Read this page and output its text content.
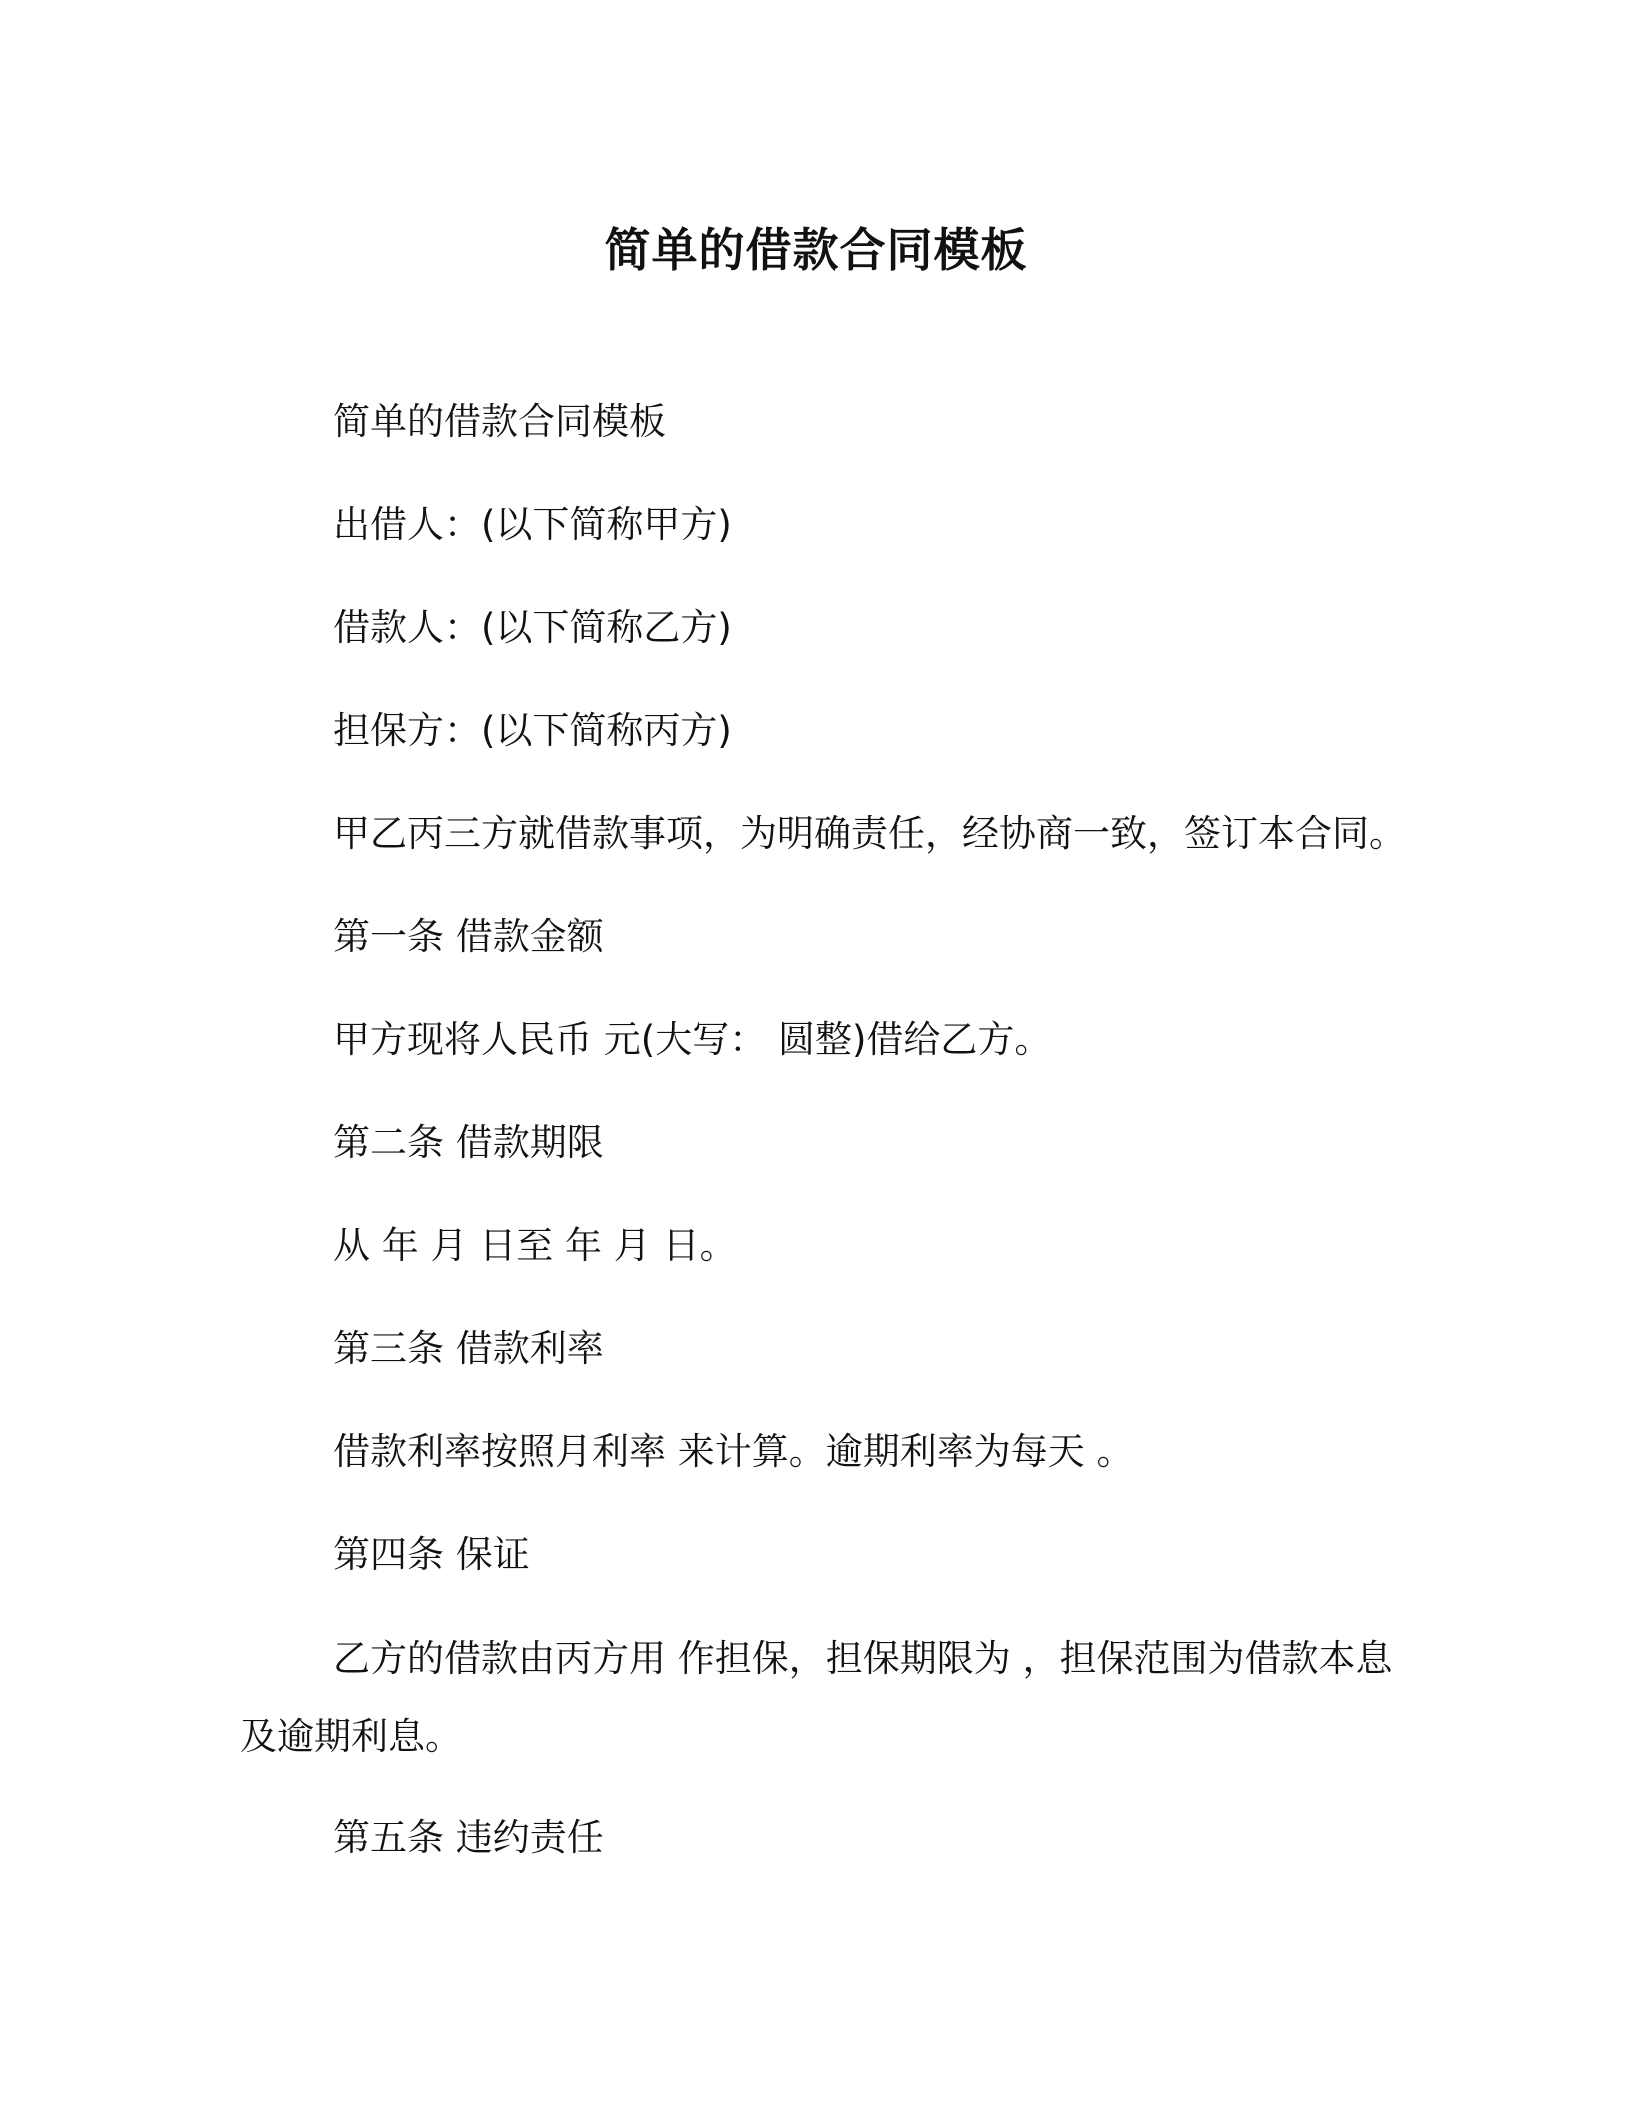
简单的借款合同模板
简单的借款合同模板
出借人：(以下简称甲方)
借款人：(以下简称乙方)
担保方：(以下简称丙方)
甲乙丙三方就借款事项，为明确责任，经协商一致，签订本合同。
第一条 借款金额
甲方现将人民币 元(大写： 圆整)借给乙方。
第二条 借款期限
从 年 月 日至 年 月 日。
第三条 借款利率
借款利率按照月利率 来计算。逾期利率为每天 。
第四条 保证
乙方的借款由丙方用 作担保，担保期限为 ，担保范围为借款本息及逾期利息。
第五条 违约责任
